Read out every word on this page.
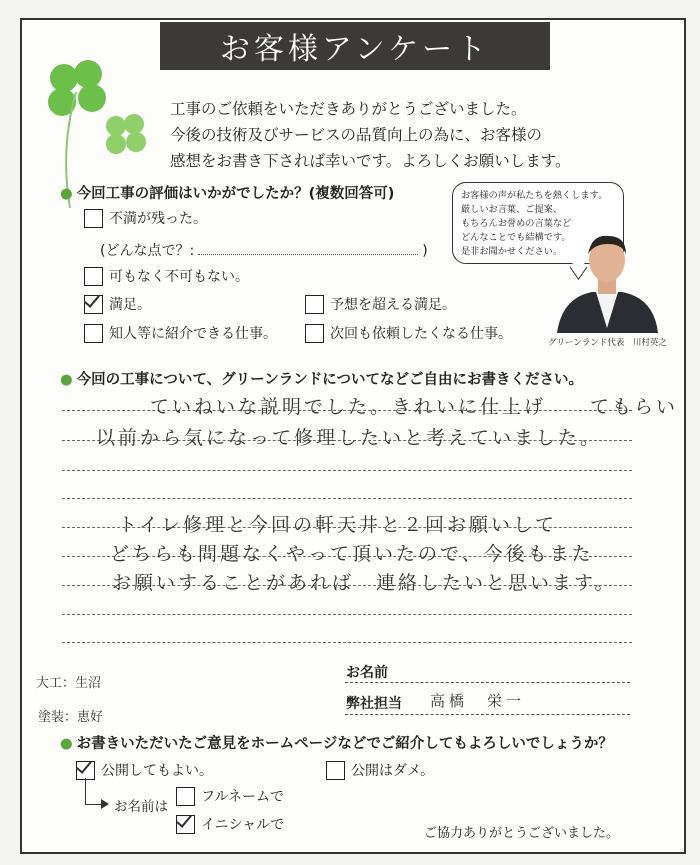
お客様アンケート
工事のご依頼をいただきありがとうございました。
今後の技術及びサービスの品質向上の為に、お客様の
感想をお書き下されば幸いです。よろしくお願いします。
● 今回工事の評価はいかがでしたか？(複数回答可)
不満が残った。
(どんな点で？:	)
可もなく不可もない。
満足。	予想を超える満足。
知人等に紹介できる仕事。	次回も依頼したくなる仕事。
お客様の声が私たちを熱くします。
厳しいお言葉、ご提案、
もちろんお誉めの言葉など
どんなことでも結構です。
是非お聞かせください。
グリーンランド代表　川村英之
● 今回の工事について、グリーンランドについてなどご自由にお書きください。
ていねいな説明でした。きれいに仕上げ　　てもらい
以前から気になって修理したいと考えていました。
トイレ修理と今回の軒天井と２回お願いして
どちらも問題なくやって頂いたので、今後もまた
お願いすることがあれば　連絡したいと思います。
大工：生沼
塗装：恵好
お名前
弊社担当 高橋　栄一
● お書きいただいたご意見をホームページなどでご紹介してもよろしいでしょうか？
公開してもよい。	公開はダメ。
お名前は
フルネームで
イニシャルで
ご協力ありがとうございました。
